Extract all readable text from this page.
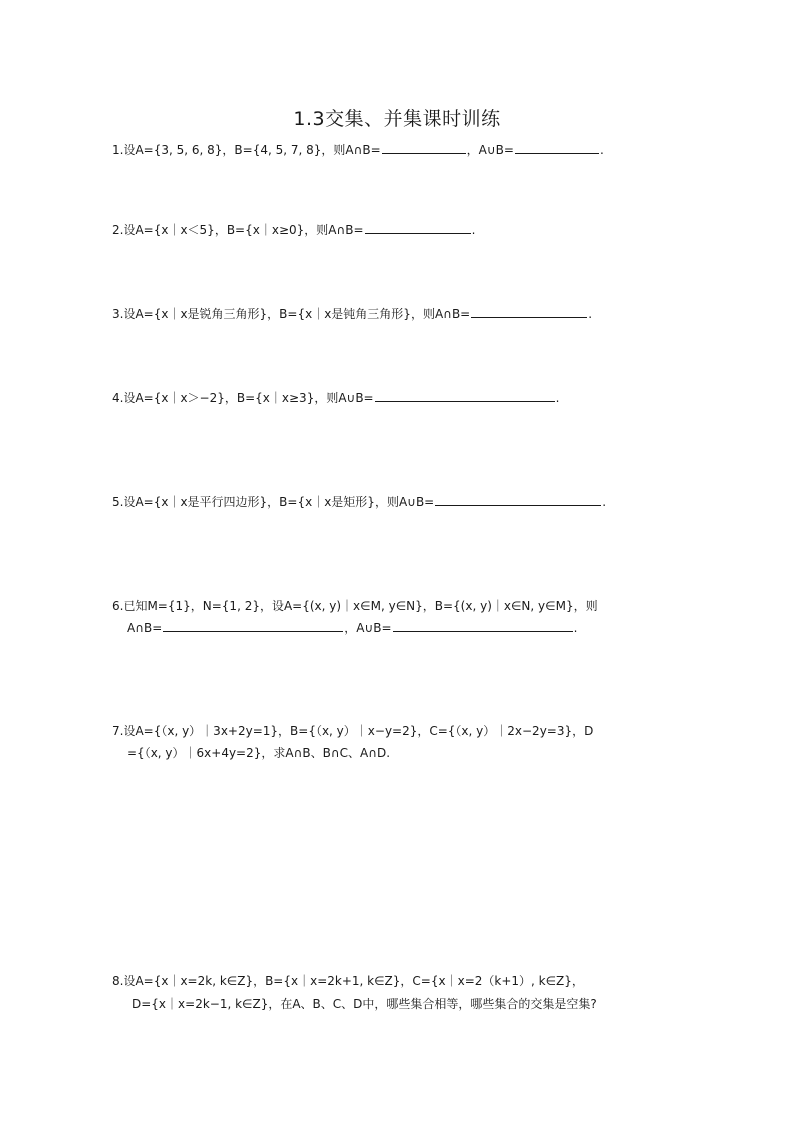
1.3交集、并集课时训练
1.设A={3, 5, 6, 8}，B={4, 5, 7, 8}，则A∩B=	，A∪B=	.
2.设A={x｜x＜5}，B={x｜x≥0}，则A∩B=	.
3.设A={x｜x是锐角三角形}，B={x｜x是钝角三角形}，则A∩B=	.
4.设A={x｜x＞−2}，B={x｜x≥3}，则A∪B=	.
5.设A={x｜x是平行四边形}，B={x｜x是矩形}，则A∪B=	.
6.已知M={1}，N={1, 2}，设A={(x, y)｜x∈M, y∈N}，B={(x, y)｜x∈N, y∈M}，则
A∩B=	，A∪B=	.
7.设A={（x, y）｜3x+2y=1}，B={（x, y）｜x−y=2}，C={（x, y）｜2x−2y=3}，D
={（x, y）｜6x+4y=2}，求A∩B、B∩C、A∩D.
8.设A={x｜x=2k, k∈Z}，B={x｜x=2k+1, k∈Z}，C={x｜x=2（k+1）, k∈Z}，
D={x｜x=2k−1, k∈Z}，在A、B、C、D中，哪些集合相等，哪些集合的交集是空集?
